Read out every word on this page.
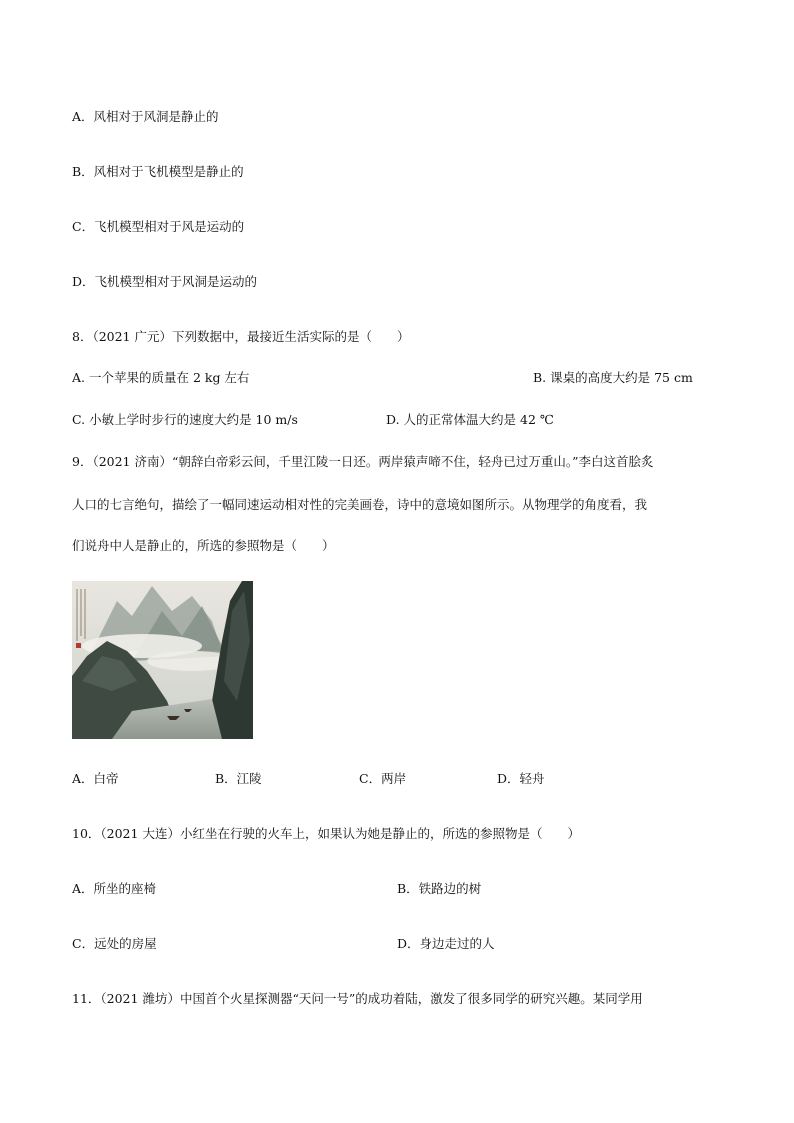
A．风相对于风洞是静止的
B．风相对于飞机模型是静止的
C．飞机模型相对于风是运动的
D．飞机模型相对于风洞是运动的
8．（2021 广元）下列数据中，最接近生活实际的是（　　）
A. 一个苹果的质量在 2 kg 左右	B. 课桌的高度大约是 75 cm
C. 小敏上学时步行的速度大约是 10 m/s	D. 人的正常体温大约是 42 ℃
9．（2021 济南）“朝辞白帝彩云间，千里江陵一日还。两岸猿声啼不住，轻舟已过万重山。”李白这首脍炙
人口的七言绝句，描绘了一幅同速运动相对性的完美画卷，诗中的意境如图所示。从物理学的角度看，我
们说舟中人是静止的，所选的参照物是（　　）
A．白帝	B．江陵	C．两岸	D．轻舟
10．（2021 大连）小红坐在行驶的火车上，如果认为她是静止的，所选的参照物是（　　）
A．所坐的座椅	B．铁路边的树
C．远处的房屋	D．身边走过的人
11．（2021 潍坊）中国首个火星探测器“天问一号”的成功着陆，激发了很多同学的研究兴趣。某同学用
